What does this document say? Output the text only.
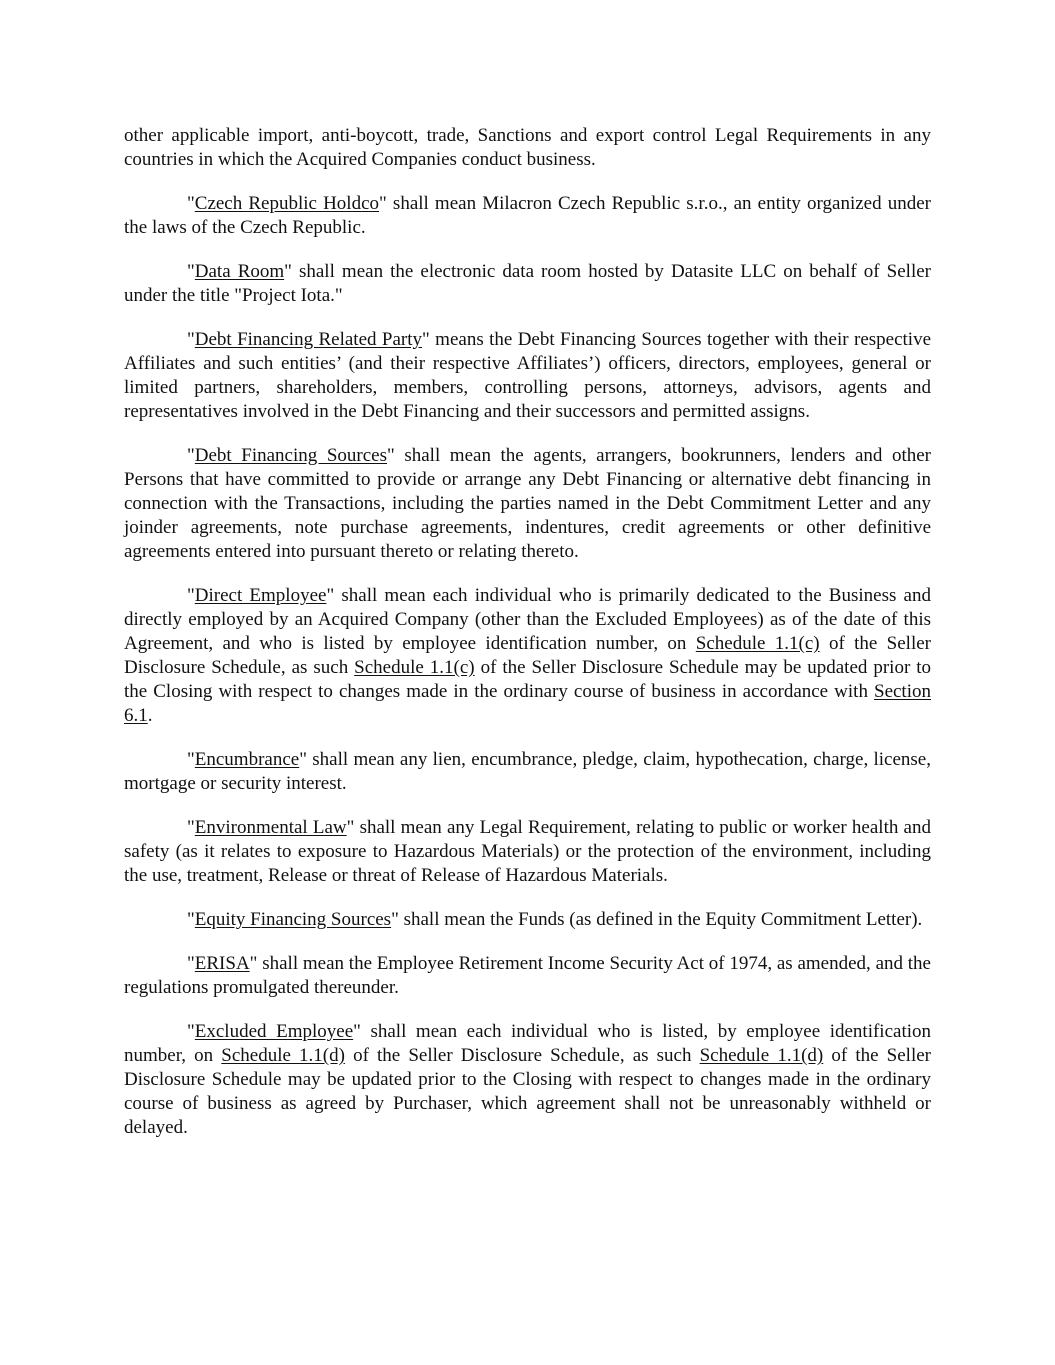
other applicable import, anti-boycott, trade, Sanctions and export control Legal Requirements in any countries in which the Acquired Companies conduct business.

"Czech Republic Holdco" shall mean Milacron Czech Republic s.r.o., an entity organized under the laws of the Czech Republic.

"Data Room" shall mean the electronic data room hosted by Datasite LLC on behalf of Seller under the title "Project Iota."

"Debt Financing Related Party" means the Debt Financing Sources together with their respective Affiliates and such entities’ (and their respective Affiliates’) officers, directors, employees, general or limited partners, shareholders, members, controlling persons, attorneys, advisors, agents and representatives involved in the Debt Financing and their successors and permitted assigns.

"Debt Financing Sources" shall mean the agents, arrangers, bookrunners, lenders and other Persons that have committed to provide or arrange any Debt Financing or alternative debt financing in connection with the Transactions, including the parties named in the Debt Commitment Letter and any joinder agreements, note purchase agreements, indentures, credit agreements or other definitive agreements entered into pursuant thereto or relating thereto.

"Direct Employee" shall mean each individual who is primarily dedicated to the Business and directly employed by an Acquired Company (other than the Excluded Employees) as of the date of this Agreement, and who is listed by employee identification number, on Schedule 1.1(c) of the Seller Disclosure Schedule, as such Schedule 1.1(c) of the Seller Disclosure Schedule may be updated prior to the Closing with respect to changes made in the ordinary course of business in accordance with Section 6.1.

"Encumbrance" shall mean any lien, encumbrance, pledge, claim, hypothecation, charge, license, mortgage or security interest.

"Environmental Law" shall mean any Legal Requirement, relating to public or worker health and safety (as it relates to exposure to Hazardous Materials) or the protection of the environment, including the use, treatment, Release or threat of Release of Hazardous Materials.

"Equity Financing Sources" shall mean the Funds (as defined in the Equity Commitment Letter).

"ERISA" shall mean the Employee Retirement Income Security Act of 1974, as amended, and the regulations promulgated thereunder.

"Excluded Employee" shall mean each individual who is listed, by employee identification number, on Schedule 1.1(d) of the Seller Disclosure Schedule, as such Schedule 1.1(d) of the Seller Disclosure Schedule may be updated prior to the Closing with respect to changes made in the ordinary course of business as agreed by Purchaser, which agreement shall not be unreasonably withheld or delayed.
